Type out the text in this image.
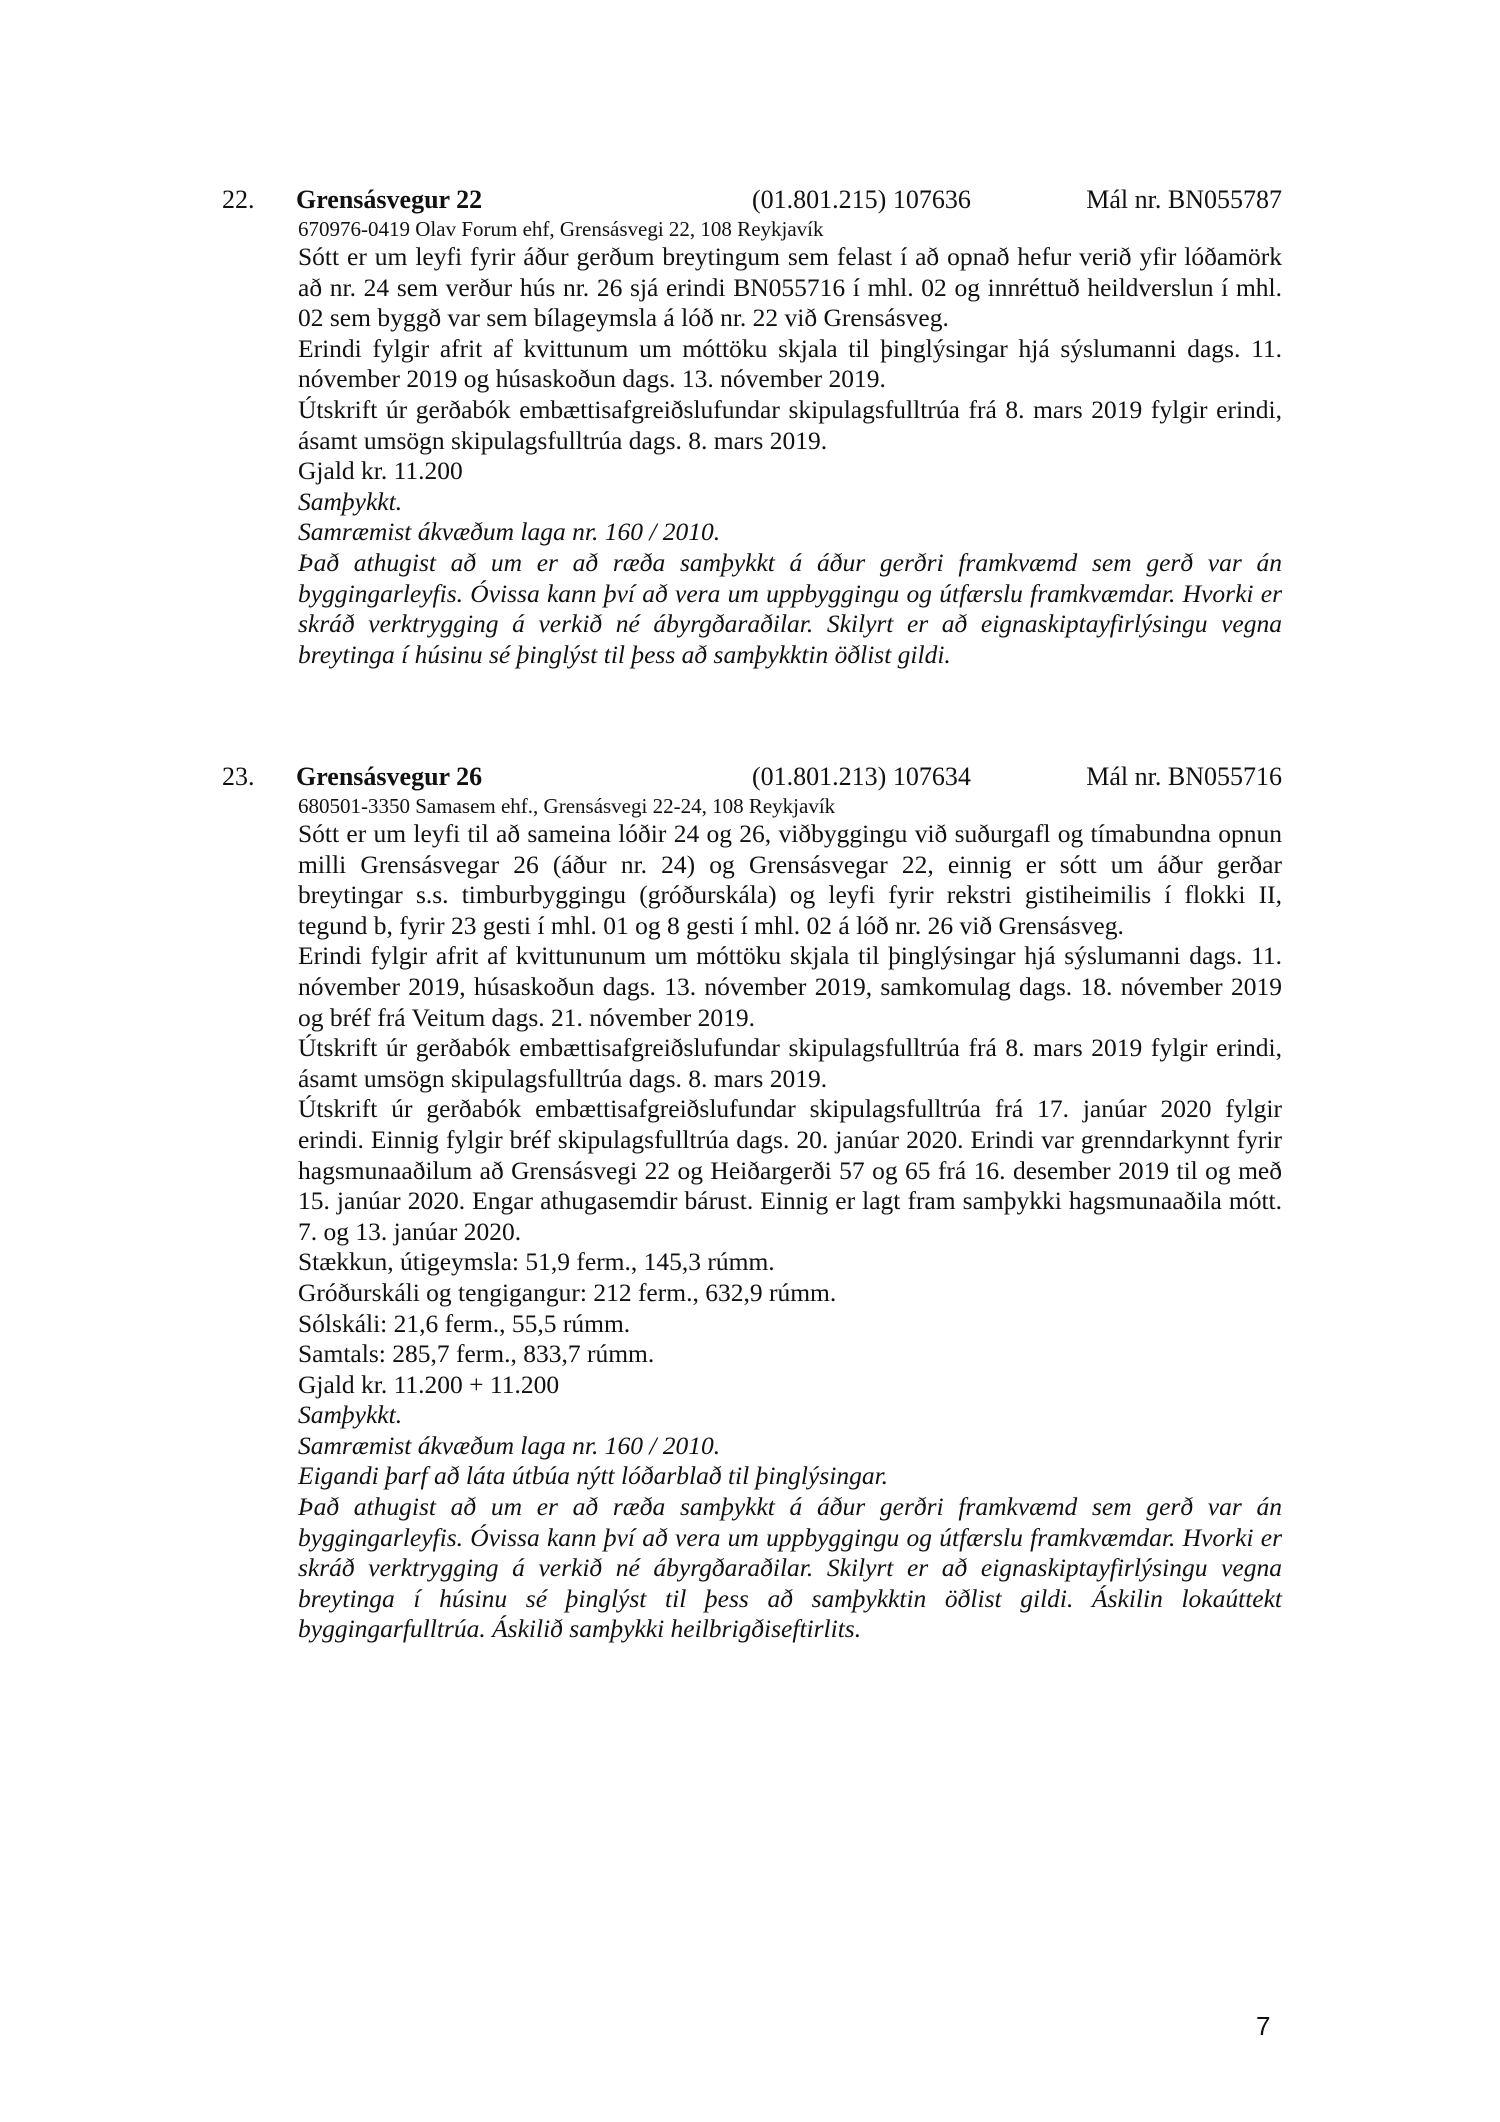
22. Grensásvegur 22	(01.801.215) 107636	Mál nr. BN055787

670976-0419 Olav Forum ehf, Grensásvegi 22, 108 Reykjavík

Sótt er um leyfi fyrir áður gerðum breytingum sem felast í að opnað hefur verið yfir lóðamörk að nr. 24 sem verður hús nr. 26 sjá erindi BN055716 í mhl. 02 og innréttuð heildverslun í mhl. 02 sem byggð var sem bílageymsla á lóð nr. 22 við Grensásveg.

Erindi fylgir afrit af kvittunum um móttöku skjala til þinglýsingar hjá sýslumanni dags. 11. nóvember 2019 og húsaskoðun dags. 13. nóvember 2019.

Útskrift úr gerðabók embættisafgreiðslufundar skipulagsfulltrúa frá 8. mars 2019 fylgir erindi, ásamt umsögn skipulagsfulltrúa dags. 8. mars 2019.

Gjald kr. 11.200

Samþykkt.

Samræmist ákvæðum laga nr. 160 / 2010.

Það athugist að um er að ræða samþykkt á áður gerðri framkvæmd sem gerð var án byggingarleyfis. Óvissa kann því að vera um uppbyggingu og útfærslu framkvæmdar. Hvorki er skráð verktrygging á verkið né ábyrgðaraðilar. Skilyrt er að eignaskiptayfirlýsingu vegna breytinga í húsinu sé þinglýst til þess að samþykktin öðlist gildi.

23. Grensásvegur 26	(01.801.213) 107634	Mál nr. BN055716

680501-3350 Samasem ehf., Grensásvegi 22-24, 108 Reykjavík

Sótt er um leyfi til að sameina lóðir 24 og 26, viðbyggingu við suðurgafl og tímabundna opnun milli Grensásvegar 26 (áður nr. 24) og Grensásvegar 22, einnig er sótt um áður gerðar breytingar s.s. timburbyggingu (gróðurskála) og leyfi fyrir rekstri gistiheimilis í flokki II, tegund b, fyrir 23 gesti í mhl. 01 og 8 gesti í mhl. 02 á lóð nr. 26 við Grensásveg.

Erindi fylgir afrit af kvittununum um móttöku skjala til þinglýsingar hjá sýslumanni dags. 11. nóvember 2019, húsaskoðun dags. 13. nóvember 2019, samkomulag dags. 18. nóvember 2019 og bréf frá Veitum dags. 21. nóvember 2019.

Útskrift úr gerðabók embættisafgreiðslufundar skipulagsfulltrúa frá 8. mars 2019 fylgir erindi, ásamt umsögn skipulagsfulltrúa dags. 8. mars 2019.

Útskrift úr gerðabók embættisafgreiðslufundar skipulagsfulltrúa frá 17. janúar 2020 fylgir erindi. Einnig fylgir bréf skipulagsfulltrúa dags. 20. janúar 2020. Erindi var grenndarkynnt fyrir hagsmunaaðilum að Grensásvegi 22 og Heiðargerði 57 og 65 frá 16. desember 2019 til og með 15. janúar 2020. Engar athugasemdir bárust. Einnig er lagt fram samþykki hagsmunaaðila mótt. 7. og 13. janúar 2020.

Stækkun, útigeymsla: 51,9 ferm., 145,3 rúmm.

Gróðurskáli og tengigangur: 212 ferm., 632,9 rúmm.

Sólskáli: 21,6 ferm., 55,5 rúmm.

Samtals: 285,7 ferm., 833,7 rúmm.

Gjald kr. 11.200 + 11.200

Samþykkt.

Samræmist ákvæðum laga nr. 160 / 2010.

Eigandi þarf að láta útbúa nýtt lóðarblað til þinglýsingar.

Það athugist að um er að ræða samþykkt á áður gerðri framkvæmd sem gerð var án byggingarleyfis. Óvissa kann því að vera um uppbyggingu og útfærslu framkvæmdar. Hvorki er skráð verktrygging á verkið né ábyrgðaraðilar. Skilyrt er að eignaskiptayfirlýsingu vegna breytinga í húsinu sé þinglýst til þess að samþykktin öðlist gildi. Áskilin lokaúttekt byggingarfulltrúa. Áskilið samþykki heilbrigðiseftirlits.

7
